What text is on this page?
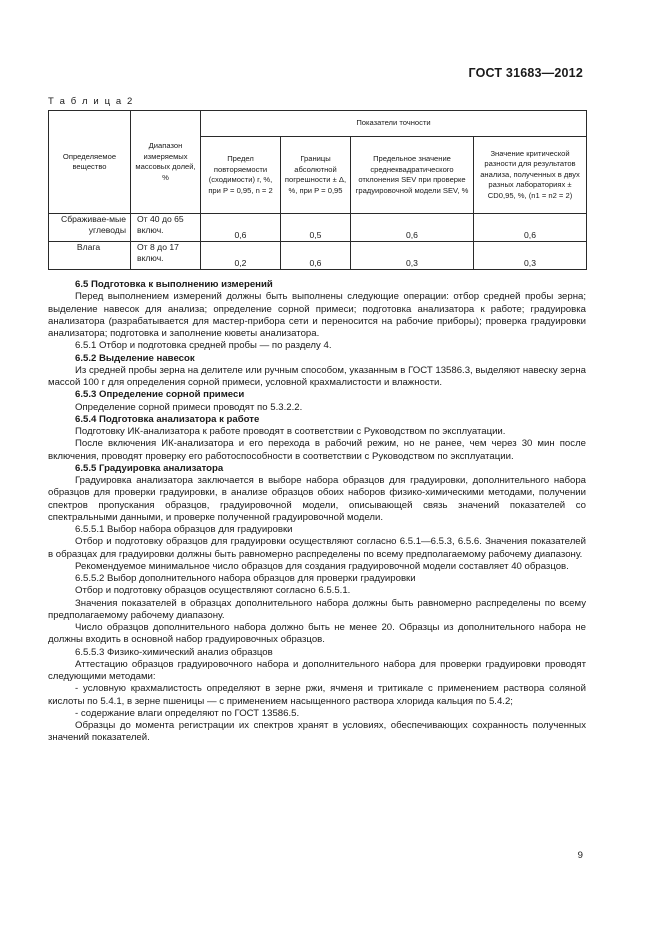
ГОСТ 31683—2012
Т а б л и ц а 2
Определяемое вещество	Диапазон измеряемых массовых долей, %	Показатели точности			
		Предел повторяемости (сходимости) r, %, при P = 0,95, n = 2	Границы абсолютной погрешности ± Δ, %, при P = 0,95	Предельное значение среднеквадратического отклонения SEV при проверке градуировочной модели SEV, %	Значение критической разности для результатов анализа, полученных в двух разных лабораториях ± CD0,95, %, (n1 = n2 = 2)
Сбраживае-мые углеводы	От 40 до 65 включ.	0,6	0,5	0,6	0,6
Влага	От 8 до 17 включ.	0,2	0,6	0,3	0,3

6.5 Подготовка к выполнению измерений

Перед выполнением измерений должны быть выполнены следующие операции: отбор средней пробы зерна; выделение навесок для анализа; определение сорной примеси; подготовка анализатора к работе; градуировка анализатора (разрабатывается для мастер-прибора сети и переносится на рабочие приборы); проверка градуировки анализатора; подготовка и заполнение кюветы анализатора.

6.5.1 Отбор и подготовка средней пробы — по разделу 4.

6.5.2 Выделение навесок

Из средней пробы зерна на делителе или ручным способом, указанным в ГОСТ 13586.3, выделяют навеску зерна массой 100 г для определения сорной примеси, условной крахмалистости и влажности.

6.5.3 Определение сорной примеси

Определение сорной примеси проводят по 5.3.2.2.

6.5.4 Подготовка анализатора к работе

Подготовку ИК-анализатора к работе проводят в соответствии с Руководством по эксплуатации.

После включения ИК-анализатора и его перехода в рабочий режим, но не ранее, чем через 30 мин после включения, проводят проверку его работоспособности в соответствии с Руководством по эксплуатации.

6.5.5 Градуировка анализатора

Градуировка анализатора заключается в выборе набора образцов для градуировки, дополнительного набора образцов для проверки градуировки, в анализе образцов обоих наборов физико-химическими методами, получении спектров пропускания образцов, градуировочной модели, описывающей связь значений показателей со спектральными данными, и проверке полученной градуировочной модели.

6.5.5.1 Выбор набора образцов для градуировки

Отбор и подготовку образцов для градуировки осуществляют согласно 6.5.1—6.5.3, 6.5.6. Значения показателей в образцах для градуировки должны быть равномерно распределены по всему предполагаемому рабочему диапазону.

Рекомендуемое минимальное число образцов для создания градуировочной модели составляет 40 образцов.

6.5.5.2 Выбор дополнительного набора образцов для проверки градуировки

Отбор и подготовку образцов осуществляют согласно 6.5.5.1.

Значения показателей в образцах дополнительного набора должны быть равномерно распределены по всему предполагаемому рабочему диапазону.

Число образцов дополнительного набора должно быть не менее 20. Образцы из дополнительного набора не должны входить в основной набор градуировочных образцов.

6.5.5.3 Физико-химический анализ образцов

Аттестацию образцов градуировочного набора и дополнительного набора для проверки градуировки проводят следующими методами:

- условную крахмалистость определяют в зерне ржи, ячменя и тритикале с применением раствора соляной кислоты по 5.4.1, в зерне пшеницы — с применением насыщенного раствора хлорида кальция по 5.4.2;

- содержание влаги определяют по ГОСТ 13586.5.

Образцы до момента регистрации их спектров хранят в условиях, обеспечивающих сохранность полученных значений показателей.

9
